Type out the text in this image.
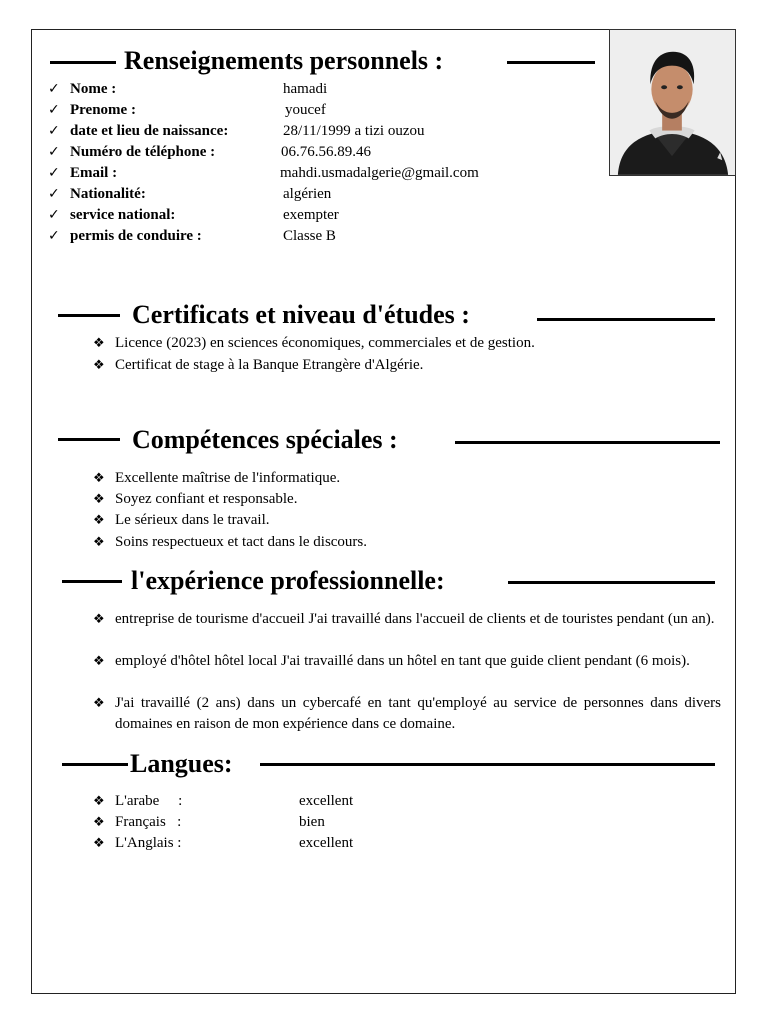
Renseignements personnels :
✓ Nome :	hamadi
✓ Prenome :	youcef
✓ date et lieu de naissance:	28/11/1999 a tizi ouzou
✓ Numéro de téléphone :	06.76.56.89.46
✓ Email :	mahdi.usmadalgerie@gmail.com
✓ Nationalité:	algérien
✓ service national:	exempter
✓ permis de conduire :	Classe B
Certificats et niveau d'études :
❖ Licence (2023) en sciences économiques, commerciales et de gestion.
❖ Certificat de stage à la Banque Etrangère d'Algérie.
Compétences spéciales :
❖ Excellente maîtrise de l'informatique.
❖ Soyez confiant et responsable.
❖ Le sérieux dans le travail.
❖ Soins respectueux et tact dans le discours.
l'expérience professionnelle:
❖ entreprise de tourisme d'accueil J'ai travaillé dans l'accueil de clients et de touristes pendant (un an).
❖ employé d'hôtel hôtel local J'ai travaillé dans un hôtel en tant que guide client pendant (6 mois).
❖ J'ai travaillé (2 ans) dans un cybercafé en tant qu'employé au service de personnes dans divers domaines en raison de mon expérience dans ce domaine.
Langues:
❖ L'arabe     :	excellent
❖ Français   :	bien
❖ L'Anglais :	excellent
